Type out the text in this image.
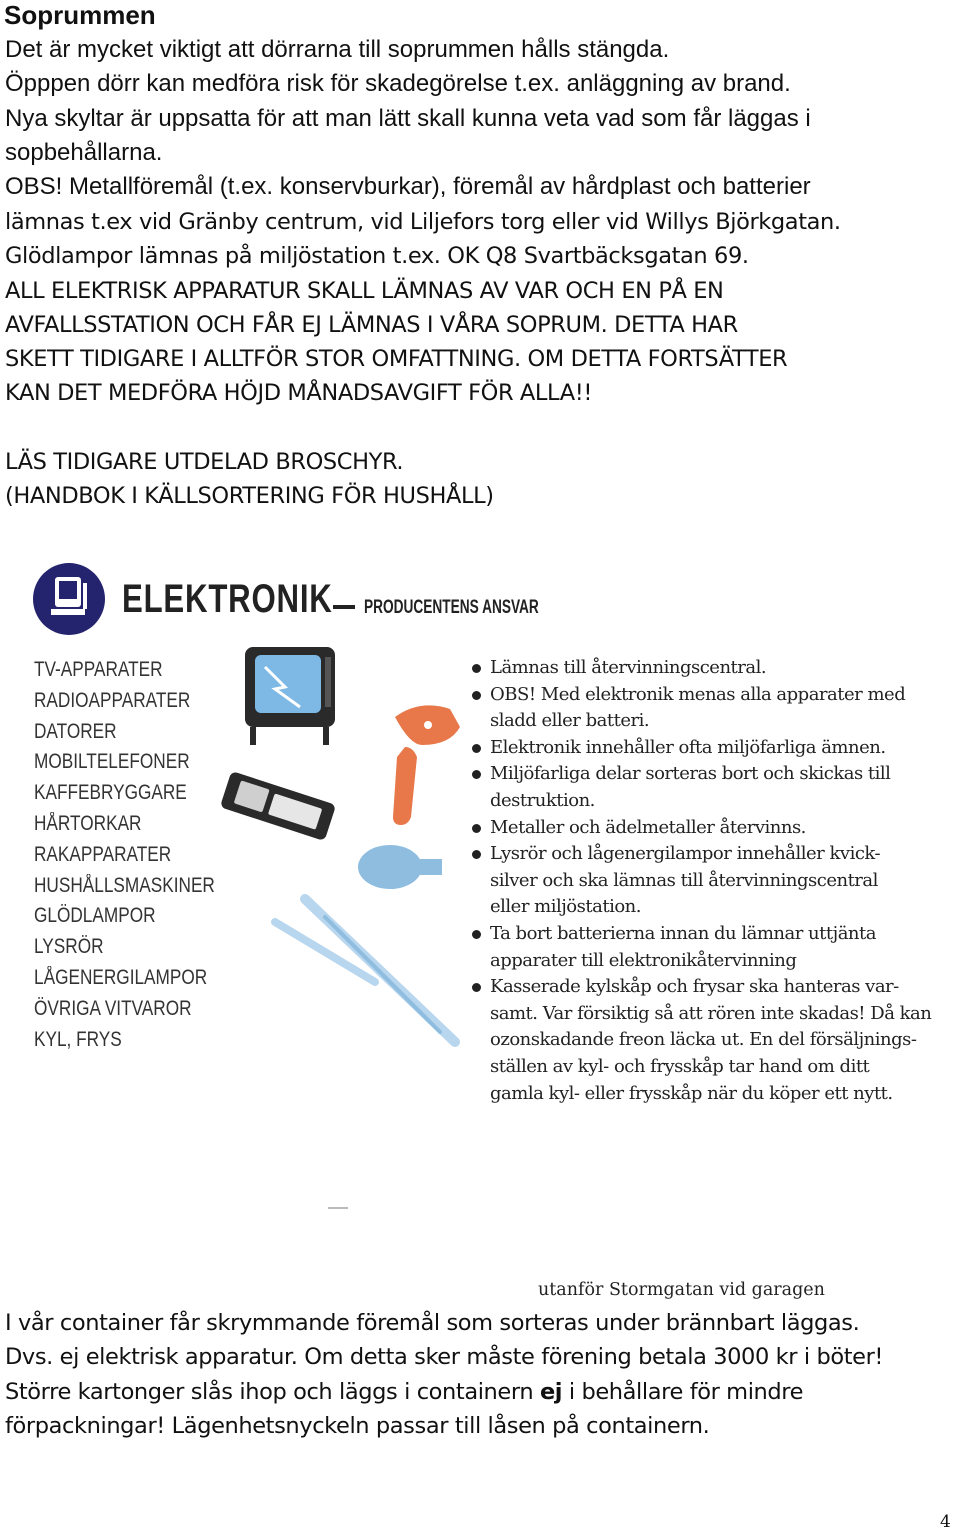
Soprummen
Det är mycket viktigt att dörrarna till soprummen hålls stängda.
Öpppen dörr kan medföra risk för skadegörelse t.ex. anläggning av brand.
Nya skyltar är uppsatta för att man lätt skall kunna veta vad som får läggas i
sopbehållarna.
OBS! Metallföremål (t.ex. konservburkar), föremål av hårdplast och batterier
lämnas t.ex vid Gränby centrum, vid Liljefors torg eller vid Willys Björkgatan.
Glödlampor lämnas på miljöstation t.ex. OK Q8 Svartbäcksgatan 69.
ALL ELEKTRISK APPARATUR SKALL LÄMNAS AV VAR OCH EN PÅ EN
AVFALLSSTATION OCH FÅR EJ LÄMNAS I VÅRA SOPRUM. DETTA HAR
SKETT TIDIGARE I ALLTFÖR STOR OMFATTNING. OM DETTA FORTSÄTTER
KAN DET MEDFÖRA HÖJD MÅNADSAVGIFT FÖR ALLA!!
LÄS TIDIGARE UTDELAD BROSCHYR.
(HANDBOK I KÄLLSORTERING FÖR HUSHÅLL)
ELEKTRONIK PRODUCENTENS ANSVAR
TV-APPARATER
RADIOAPPARATER
DATORER
MOBILTELEFONER
KAFFEBRYGGARE
HÅRTORKAR
RAKAPPARATER
HUSHÅLLSMASKINER
GLÖDLAMPOR
LYSRÖR
LÅGENERGILAMPOR
ÖVRIGA VITVAROR
KYL, FRYS
Lämnas till återvinningscentral.
OBS! Med elektronik menas alla apparater med
sladd eller batteri.
Elektronik innehåller ofta miljöfarliga ämnen.
Miljöfarliga delar sorteras bort och skickas till
destruktion.
Metaller och ädelmetaller återvinns.
Lysrör och lågenergilampor innehåller kvick-
silver och ska lämnas till återvinningscentral
eller miljöstation.
Ta bort batterierna innan du lämnar uttjänta
apparater till elektronikåtervinning
Kasserade kylskåp och frysar ska hanteras var-
samt. Var försiktig så att rören inte skadas! Då kan
ozonskadande freon läcka ut. En del försäljnings-
ställen av kyl- och frysskåp tar hand om ditt
gamla kyl- eller frysskåp när du köper ett nytt.
utanför Stormgatan vid garagen
I vår container får skrymmande föremål som sorteras under brännbart läggas.
Dvs. ej elektrisk apparatur. Om detta sker måste förening betala 3000 kr i böter!
Större kartonger slås ihop och läggs i containern ej i behållare för mindre
förpackningar! Lägenhetsnyckeln passar till låsen på containern.
4
